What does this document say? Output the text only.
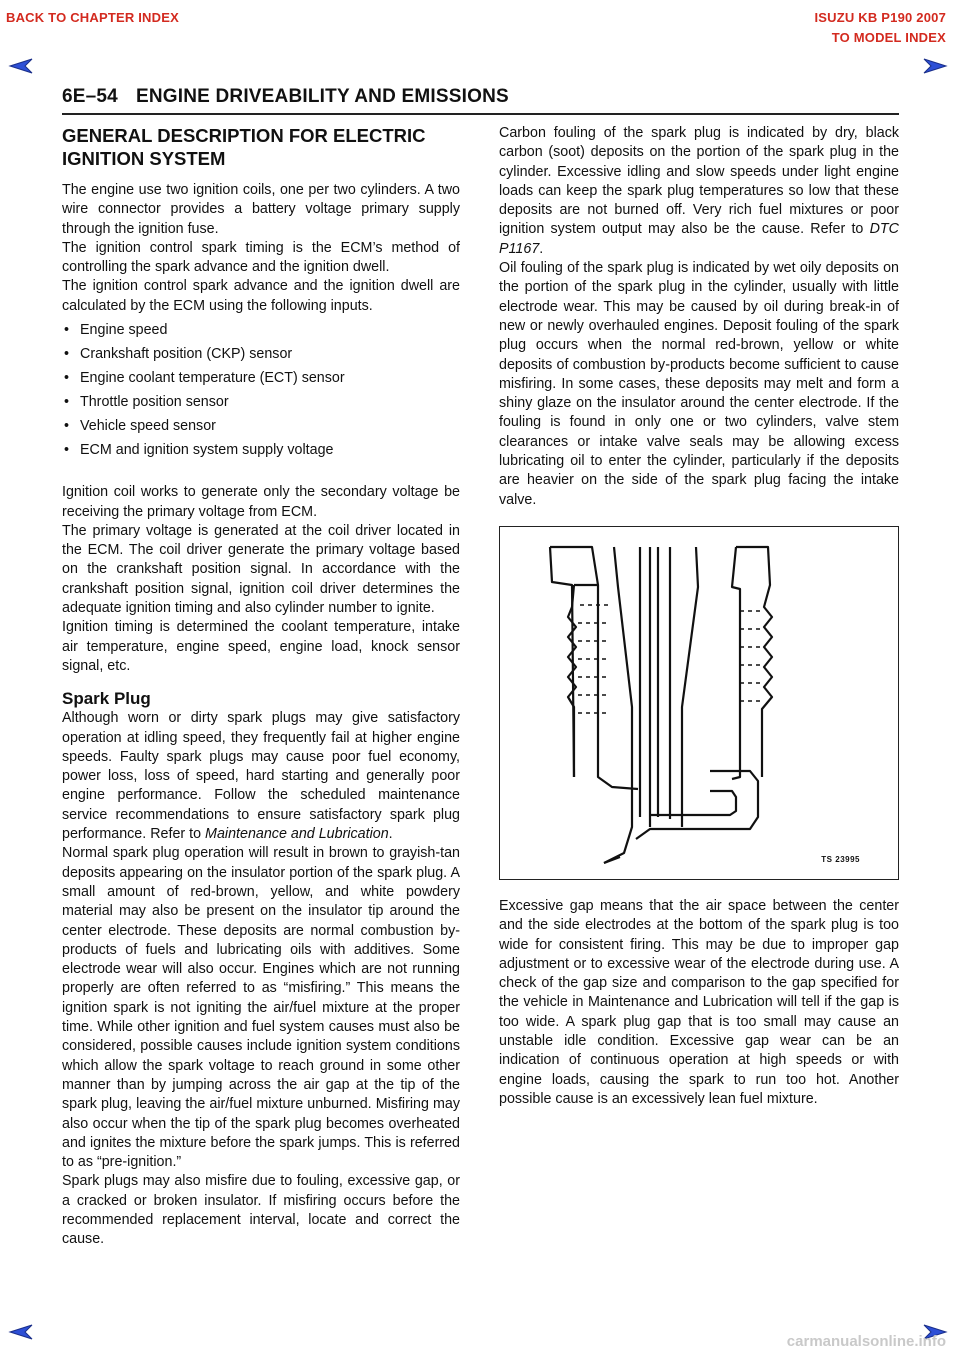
BACK TO CHAPTER INDEX	ISUZU KB P190 2007
TO MODEL INDEX
6E–54 ENGINE DRIVEABILITY AND EMISSIONS
GENERAL DESCRIPTION FOR ELECTRIC IGNITION SYSTEM

The engine use two ignition coils, one per two cylinders. A two wire connector provides a battery voltage primary supply through the ignition fuse.

The ignition control spark timing is the ECM’s method of controlling the spark advance and the ignition dwell.

The ignition control spark advance and the ignition dwell are calculated by the ECM using the following inputs.

• Engine speed
• Crankshaft position (CKP) sensor
• Engine coolant temperature (ECT) sensor
• Throttle position sensor
• Vehicle speed sensor
• ECM and ignition system supply voltage

Ignition coil works to generate only the secondary voltage be receiving the primary voltage from ECM.

The primary voltage is generated at the coil driver located in the ECM. The coil driver generate the primary voltage based on the crankshaft position signal. In accordance with the crankshaft position signal, ignition coil driver determines the adequate ignition timing and also cylinder number to ignite.

Ignition timing is determined the coolant temperature, intake air temperature, engine speed, engine load, knock sensor signal, etc.

Spark Plug

Although worn or dirty spark plugs may give satisfactory operation at idling speed, they frequently fail at higher engine speeds. Faulty spark plugs may cause poor fuel economy, power loss, loss of speed, hard starting and generally poor engine performance. Follow the scheduled maintenance service recommendations to ensure satisfactory spark plug performance. Refer to Maintenance and Lubrication.

Normal spark plug operation will result in brown to grayish-tan deposits appearing on the insulator portion of the spark plug. A small amount of red-brown, yellow, and white powdery material may also be present on the insulator tip around the center electrode. These deposits are normal combustion by-products of fuels and lubricating oils with additives. Some electrode wear will also occur. Engines which are not running properly are often referred to as “misfiring.” This means the ignition spark is not igniting the air/fuel mixture at the proper time. While other ignition and fuel system causes must also be considered, possible causes include ignition system conditions which allow the spark voltage to reach ground in some other manner than by jumping across the air gap at the tip of the spark plug, leaving the air/fuel mixture unburned. Misfiring may also occur when the tip of the spark plug becomes overheated and ignites the mixture before the spark jumps. This is referred to as “pre-ignition.”

Spark plugs may also misfire due to fouling, excessive gap, or a cracked or broken insulator. If misfiring occurs before the recommended replacement interval, locate and correct the cause.

Carbon fouling of the spark plug is indicated by dry, black carbon (soot) deposits on the portion of the spark plug in the cylinder. Excessive idling and slow speeds under light engine loads can keep the spark plug temperatures so low that these deposits are not burned off. Very rich fuel mixtures or poor ignition system output may also be the cause. Refer to DTC P1167.

Oil fouling of the spark plug is indicated by wet oily deposits on the portion of the spark plug in the cylinder, usually with little electrode wear. This may be caused by oil during break-in of new or newly overhauled engines. Deposit fouling of the spark plug occurs when the normal red-brown, yellow or white deposits of combustion by-products become sufficient to cause misfiring. In some cases, these deposits may melt and form a shiny glaze on the insulator around the center electrode. If the fouling is found in only one or two cylinders, valve stem clearances or intake valve seals may be allowing excess lubricating oil to enter the cylinder, particularly if the deposits are heavier on the side of the spark plug facing the intake valve.

TS 23995

Excessive gap means that the air space between the center and the side electrodes at the bottom of the spark plug is too wide for consistent firing. This may be due to improper gap adjustment or to excessive wear of the electrode during use. A check of the gap size and comparison to the gap specified for the vehicle in Maintenance and Lubrication will tell if the gap is too wide. A spark plug gap that is too small may cause an unstable idle condition. Excessive gap wear can be an indication of continuous operation at high speeds or with engine loads, causing the spark to run too hot. Another possible cause is an excessively lean fuel mixture.

carmanualsonline.info
